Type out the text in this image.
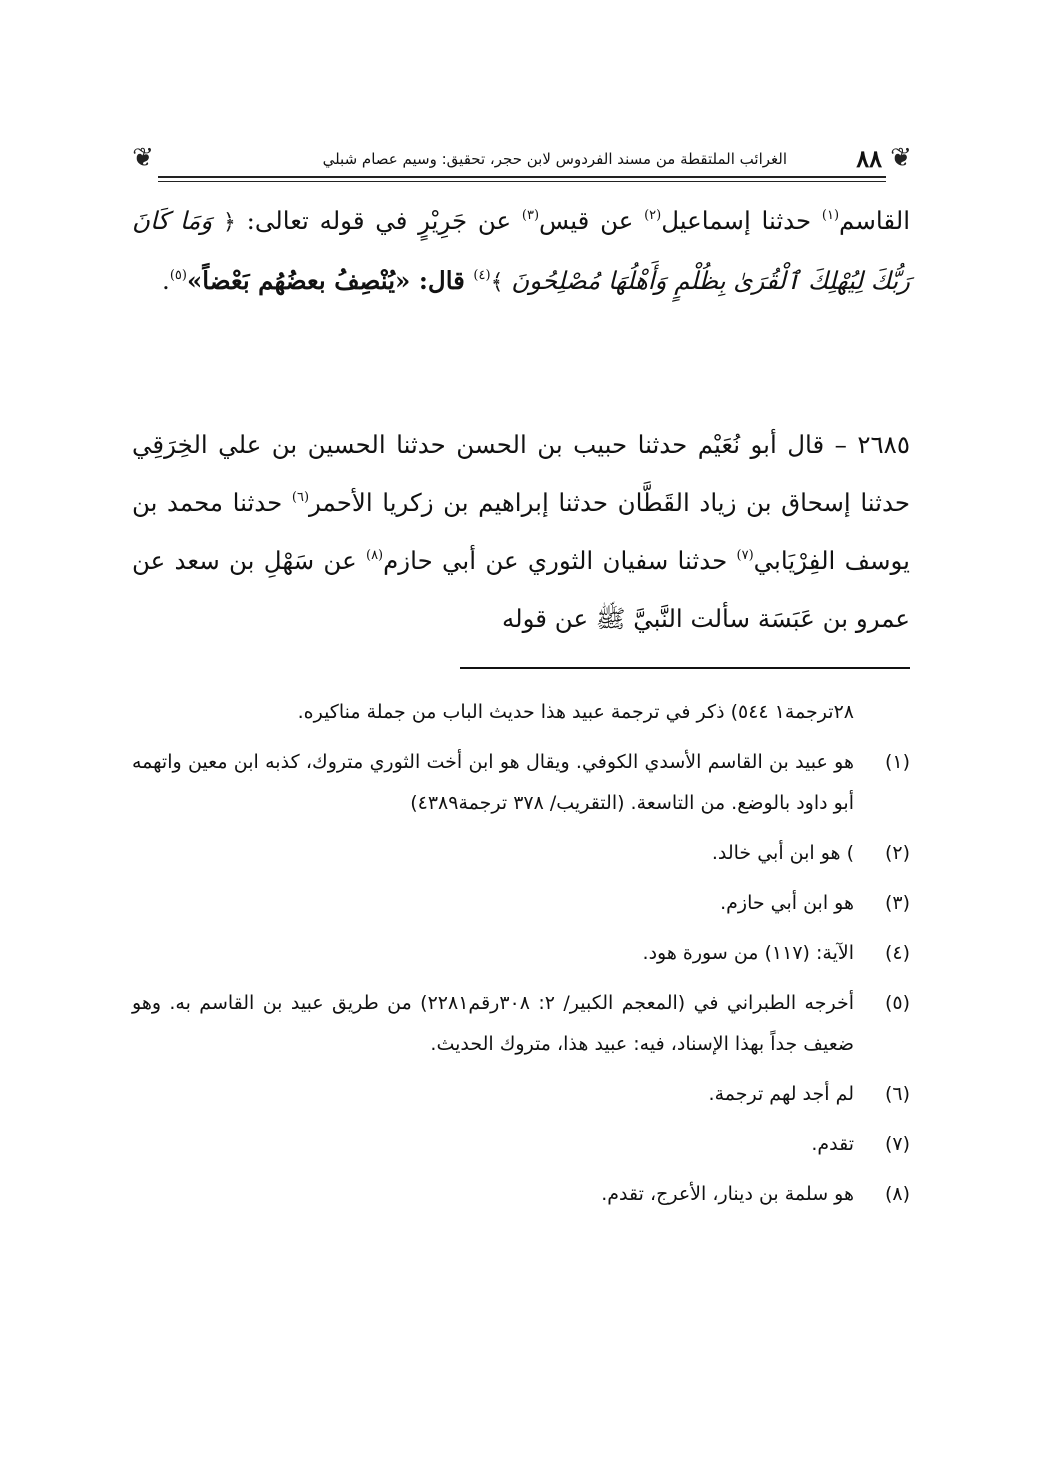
❦
٨٨
الغرائب الملتقطة من مسند الفردوس لابن حجر، تحقيق: وسيم عصام شبلي
❦
القاسم$^{(١)}$ حدثنا إسماعيل$^{(٢)}$ عن قيس$^{(٣)}$ عن جَرِيْرٍ في قوله تعالى: ﴿ وَمَا كَانَ رَبُّكَ لِيُهْلِكَ ٱلْقُرَىٰ بِظُلْمٍ وَأَهْلُهَا مُصْلِحُونَ ﴾$^{(٤)}$ قال: «يُنْصِفُ بعضُهُم بَعْضاً»$^{(٥)}$.
٢٦٨٥ – قال أبو نُعَيْم حدثنا حبيب بن الحسن حدثنا الحسين بن علي الخِرَقِي حدثنا إسحاق بن زياد القَطَّان حدثنا إبراهيم بن زكريا الأحمر$^{(٦)}$ حدثنا محمد بن يوسف الفِرْيَابي$^{(٧)}$ حدثنا سفيان الثوري عن أبي حازم$^{(٨)}$ عن سَهْلِ بن سعد عن عمرو بن عَبَسَة سألت النَّبيَّ ﷺ عن قوله
٢٨ترجمة١ ٥٤٤) ذكر في ترجمة عبيد هذا حديث الباب من جملة مناكيره.
(١)
هو عبيد بن القاسم الأسدي الكوفي. ويقال هو ابن أخت الثوري متروك، كذبه ابن معين واتهمه أبو داود بالوضع. من التاسعة. (التقريب/ ٣٧٨ ترجمة٤٣٨٩)
(٢)
) هو ابن أبي خالد.
(٣)
هو ابن أبي حازم.
(٤)
الآية: (١١٧) من سورة هود.
(٥)
أخرجه الطبراني في (المعجم الكبير/ ٢: ٣٠٨رقم٢٢٨١) من طريق عبيد بن القاسم به. وهو ضعيف جداً بهذا الإسناد، فيه: عبيد هذا، متروك الحديث.
(٦)
لم أجد لهم ترجمة.
(٧)
تقدم.
(٨)
هو سلمة بن دينار، الأعرج، تقدم.
